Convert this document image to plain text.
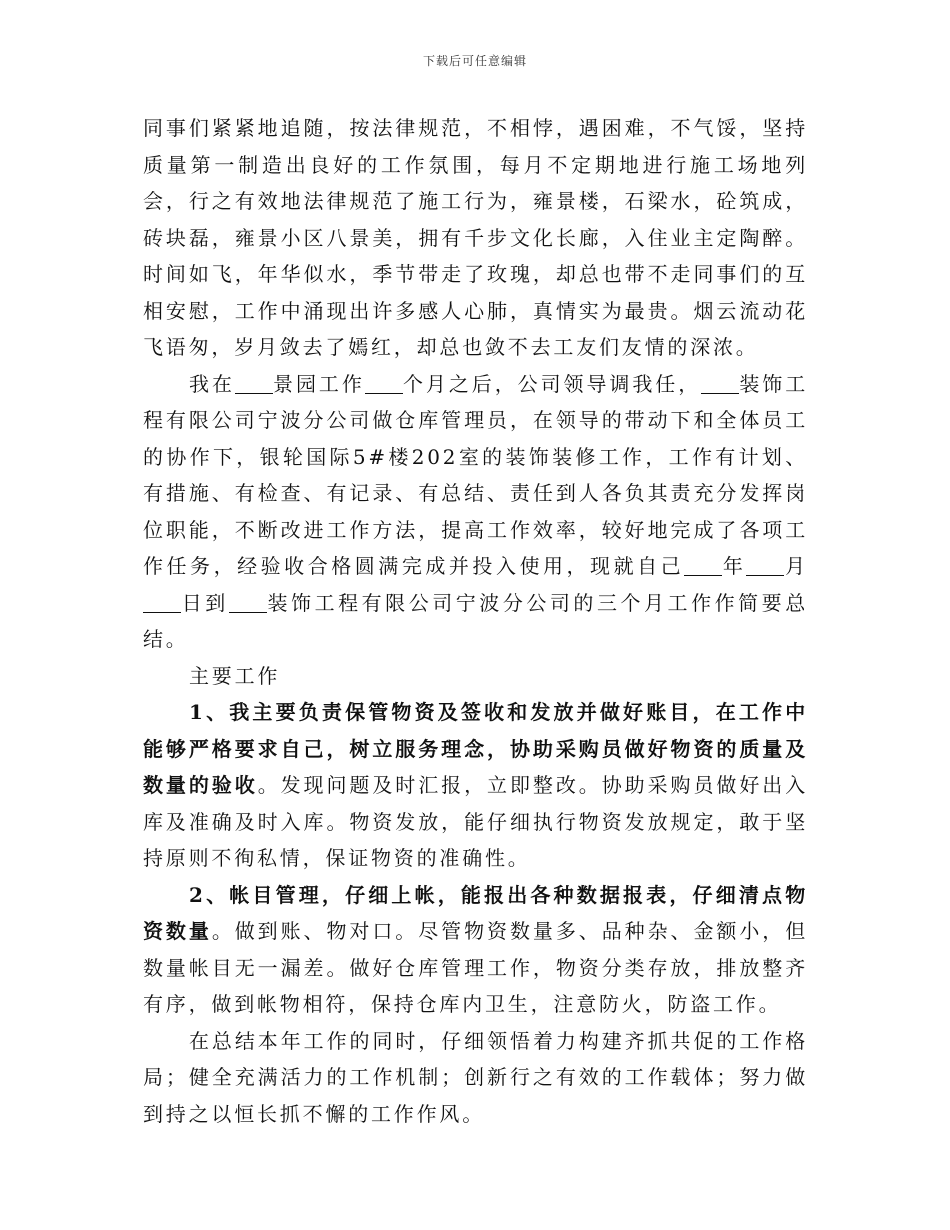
下载后可任意编辑

同事们紧紧地追随，按法律规范，不相悖，遇困难，不气馁，坚持质量第一制造出良好的工作氛围，每月不定期地进行施工场地列会，行之有效地法律规范了施工行为，雍景楼，石梁水，砼筑成，砖块磊，雍景小区八景美，拥有千步文化长廊，入住业主定陶醉。时间如飞，年华似水，季节带走了玫瑰，却总也带不走同事们的互相安慰，工作中涌现出许多感人心肺，真情实为最贵。烟云流动花飞语匆，岁月敛去了嫣红，却总也敛不去工友们友情的深浓。

我在 景园工作 个月之后，公司领导调我任， 装饰工程有限公司宁波分公司做仓库管理员，在领导的带动下和全体员工的协作下，银轮国际5#楼202室的装饰装修工作，工作有计划、有措施、有检查、有记录、有总结、责任到人各负其责充分发挥岗位职能，不断改进工作方法，提高工作效率，较好地完成了各项工作任务，经验收合格圆满完成并投入使用，现就自己 年 月日到 装饰工程有限公司宁波分公司的三个月工作作简要总结。

主要工作

1、我主要负责保管物资及签收和发放并做好账目，在工作中能够严格要求自己，树立服务理念，协助采购员做好物资的质量及数量的验收。发现问题及时汇报，立即整改。协助采购员做好出入库及准确及时入库。物资发放，能仔细执行物资发放规定，敢于坚持原则不徇私情，保证物资的准确性。

2、帐目管理，仔细上帐，能报出各种数据报表，仔细清点物资数量。做到账、物对口。尽管物资数量多、品种杂、金额小，但数量帐目无一漏差。做好仓库管理工作，物资分类存放，排放整齐有序，做到帐物相符，保持仓库内卫生，注意防火，防盗工作。

在总结本年工作的同时，仔细领悟着力构建齐抓共促的工作格局；健全充满活力的工作机制；创新行之有效的工作载体；努力做到持之以恒长抓不懈的工作作风。
